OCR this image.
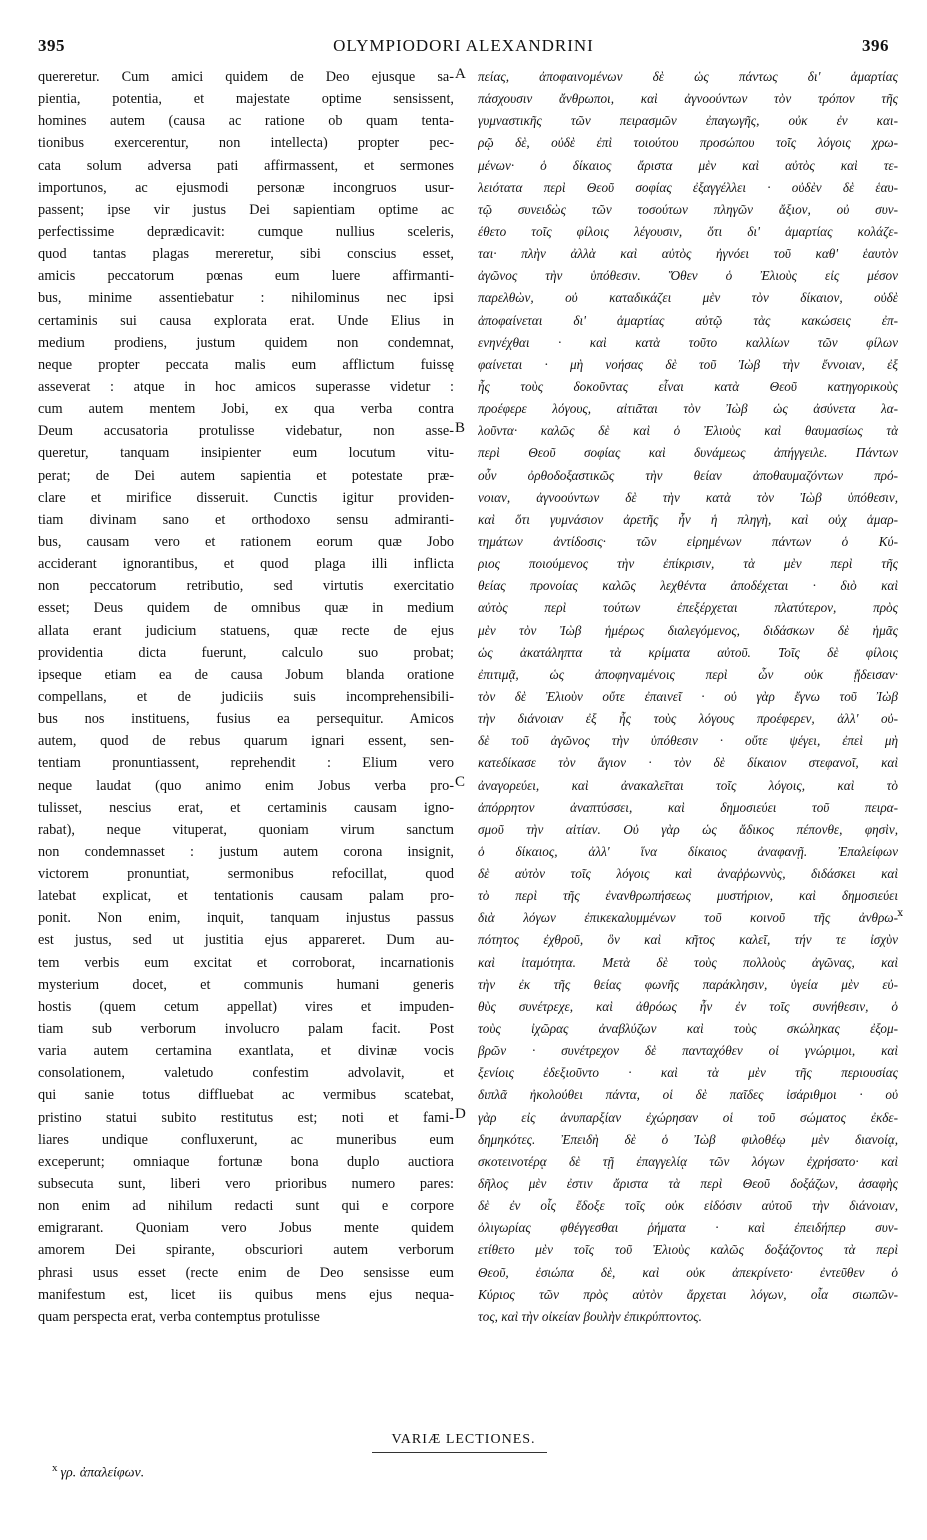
395	OLYMPIODORI ALEXANDRINI	396
quereretur. Cum amici quidem de Deo ejusque sa-
pientia, potentia, et majestate optime sensissent,
homines autem (causa ac ratione ob quam tenta-
tionibus exercerentur, non intellecta) propter pec-
cata solum adversa pati affirmassent, et sermones
importunos, ac ejusmodi personæ incongruos usur-
passent; ipse vir justus Dei sapientiam optime ac
perfectissime deprædicavit: cumque nullius sceleris,
quod tantas plagas mereretur, sibi conscius esset,
amicis peccatorum pœnas eum luere affirmanti-
bus, minime assentiebatur : nihilominus nec ipsi
certaminis sui causa explorata erat. Unde Elius in
medium prodiens, justum quidem non condemnat,
neque propter peccata malis eum afflictum fuissę
asseverat : atque in hoc amicos superasse videtur :
cum autem mentem Jobi, ex qua verba contra
Deum accusatoria protulisse videbatur, non asse-
queretur, tanquam insipienter eum locutum vitu-
perat; de Dei autem sapientia et potestate præ-
clare et mirifice disseruit. Cunctis igitur providen-
tiam divinam sano et orthodoxo sensu admiranti-
bus, causam vero et rationem eorum quæ Jobo
acciderant ignorantibus, et quod plaga illi inflicta
non peccatorum retributio, sed virtutis exercitatio
esset; Deus quidem de omnibus quæ in medium
allata erant judicium statuens, quæ recte de ejus
providentia dicta fuerunt, calculo suo probat;
ipseque etiam ea de causa Jobum blanda oratione
compellans, et de judiciis suis incomprehensibili-
bus nos instituens, fusius ea persequitur. Amicos
autem, quod de rebus quarum ignari essent, sen-
tentiam pronuntiassent, reprehendit : Elium vero
neque laudat (quo animo enim Jobus verba pro-
tulisset, nescius erat, et certaminis causam igno-
rabat), neque vituperat, quoniam virum sanctum
non condemnasset : justum autem corona insignit,
victorem pronuntiat, sermonibus refocillat, quod
latebat explicat, et tentationis causam palam pro-
ponit. Non enim, inquit, tanquam injustus passus
est justus, sed ut justitia ejus appareret. Dum au-
tem verbis eum excitat et corroborat, incarnationis
mysterium docet, et communis humani generis
hostis (quem cetum appellat) vires et impuden-
tiam sub verborum involucro palam facit. Post
varia autem certamina exantlata, et divinæ vocis
consolationem, valetudo confestim advolavit, et
qui sanie totus diffluebat ac vermibus scatebat,
pristino statui subito restitutus est; noti et fami-
liares undique confluxerunt, ac muneribus eum
exceperunt; omniaque fortunæ bona duplo auctiora
subsecuta sunt, liberi vero prioribus numero pares:
non enim ad nihilum redacti sunt qui e corpore
emigrarant. Quoniam vero Jobus mente quidem
amorem Dei spirante, obscuriori autem verborum
phrasi usus esset (recte enim de Deo sensisse eum
manifestum est, licet iis quibus mens ejus nequa-
quam perspecta erat, verba contemptus protulisse
πείας, ἀποφαινομένων δὲ ὡς πάντως δι' ἁμαρτίας
πάσχουσιν ἄνθρωποι, καὶ ἀγνοούντων τὸν τρόπον τῆς
γυμναστικῆς τῶν πειρασμῶν ἐπαγωγῆς, οὐκ ἐν και-
ρῷ δὲ, οὐδὲ ἐπὶ τοιούτου προσώπου τοῖς λόγοις χρω-
μένων· ὁ δίκαιος ἄριστα μὲν καὶ αὐτὸς καὶ τε-
λειότατα περὶ Θεοῦ σοφίας ἐξαγγέλλει · οὐδὲν δὲ ἑαυ-
τῷ συνειδὼς τῶν τοσούτων πληγῶν ἄξιον, οὐ συν-
έθετο τοῖς φίλοις λέγουσιν, ὅτι δι' ἁμαρτίας κολάζε-
ται· πλὴν ἀλλὰ καὶ αὐτὸς ἠγνόει τοῦ καθ' ἑαυτὸν
ἀγῶνος τὴν ὑπόθεσιν. Ὅθεν ὁ Ἐλιοὺς εἰς μέσον
παρελθὼν, οὐ καταδικάζει μὲν τὸν δίκαιον, οὐδὲ
ἀποφαίνεται δι' ἁμαρτίας αὐτῷ τὰς κακώσεις ἐπ-
ενηνέχθαι · καὶ κατὰ τοῦτο καλλίων τῶν φίλων
φαίνεται · μὴ νοήσας δὲ τοῦ Ἰὼβ τὴν ἔννοιαν, ἐξ
ἧς τοὺς δοκοῦντας εἶναι κατὰ Θεοῦ κατηγορικοὺς
προέφερε λόγους, αἰτιᾶται τὸν Ἰὼβ ὡς ἀσύνετα λα-
λοῦντα· καλῶς δὲ καὶ ὁ Ἐλιοὺς καὶ θαυμασίως τὰ
περὶ Θεοῦ σοφίας καὶ δυνάμεως ἀπήγγειλε. Πάντων
οὖν ὀρθοδοξαστικῶς τὴν θείαν ἀποθαυμαζόντων πρό-
νοιαν, ἀγνοούντων δὲ τὴν κατὰ τὸν Ἰὼβ ὑπόθεσιν,
καὶ ὅτι γυμνάσιον ἀρετῆς ἦν ἡ πληγὴ, καὶ οὐχ ἁμαρ-
τημάτων ἀντίδοσις· τῶν εἰρημένων πάντων ὁ Κύ-
ριος ποιούμενος τὴν ἐπίκρισιν, τὰ μὲν περὶ τῆς
θείας προνοίας καλῶς λεχθέντα ἀποδέχεται · διὸ καὶ
αὐτὸς περὶ τούτων ἐπεξέρχεται πλατύτερον, πρὸς
μὲν τὸν Ἰὼβ ἡμέρως διαλεγόμενος, διδάσκων δὲ ἡμᾶς
ὡς ἀκατάληπτα τὰ κρίματα αὐτοῦ. Τοῖς δὲ φίλοις
ἐπιτιμᾷ, ὡς ἀποφηναμένοις περὶ ὧν οὐκ ᾔδεισαν·
τὸν δὲ Ἐλιοὺν οὔτε ἐπαινεῖ · οὐ γὰρ ἔγνω τοῦ Ἰὼβ
τὴν διάνοιαν ἐξ ἧς τοὺς λόγους προέφερεν, ἀλλ' οὐ-
δὲ τοῦ ἀγῶνος τὴν ὑπόθεσιν · οὔτε ψέγει, ἐπεὶ μὴ
κατεδίκασε τὸν ἅγιον · τὸν δὲ δίκαιον στεφανοῖ, καὶ
ἀναγορεύει, καὶ ἀνακαλεῖται τοῖς λόγοις, καὶ τὸ
ἀπόρρητον ἀναπτύσσει, καὶ δημοσιεύει τοῦ πειρα-
σμοῦ τὴν αἰτίαν. Οὐ γὰρ ὡς ἄδικος πέπονθε, φησὶν,
ὁ δίκαιος, ἀλλ' ἵνα δίκαιος ἀναφανῇ. Ἐπαλείφων
δὲ αὐτὸν τοῖς λόγοις καὶ ἀναῤῥωννὺς, διδάσκει καὶ
τὸ περὶ τῆς ἐνανθρωπήσεως μυστήριον, καὶ δημοσιεύει
διὰ λόγων ἐπικεκαλυμμένων τοῦ κοινοῦ τῆς ἀνθρω-
πότητος ἐχθροῦ, ὃν καὶ κῆτος καλεῖ, τήν τε ἰσχὺν
καὶ ἰταμότητα. Μετὰ δὲ τοὺς πολλοὺς ἀγῶνας, καὶ
τὴν ἐκ τῆς θείας φωνῆς παράκλησιν, ὑγεία μὲν εὐ-
θὺς συνέτρεχε, καὶ ἀθρόως ἦν ἐν τοῖς συνήθεσιν, ὁ
τοὺς ἰχῶρας ἀναβλύζων καὶ τοὺς σκώληκας ἐξομ-
βρῶν · συνέτρεχον δὲ πανταχόθεν οἱ γνώριμοι, καὶ
ξενίοις ἐδεξιοῦντο · καὶ τὰ μὲν τῆς περιουσίας
διπλᾶ ἠκολούθει πάντα, οἱ δὲ παῖδες ἰσάριθμοι · οὐ
γὰρ εἰς ἀνυπαρξίαν ἐχώρησαν οἱ τοῦ σώματος ἐκδε-
δημηκότες. Ἐπειδὴ δὲ ὁ Ἰὼβ φιλοθέῳ μὲν διανοίᾳ,
σκοτεινοτέρᾳ δὲ τῇ ἐπαγγελίᾳ τῶν λόγων ἐχρήσατο· καὶ
δῆλος μὲν ἐστιν ἄριστα τὰ περὶ Θεοῦ δοξάζων, ἀσαφὴς
δὲ ἐν οἷς ἔδοξε τοῖς οὐκ εἰδόσιν αὐτοῦ τὴν διάνοιαν,
ὀλιγωρίας φθέγγεσθαι ῥήματα · καὶ ἐπειδήπερ συν-
ετίθετο μὲν τοῖς τοῦ Ἐλιοὺς καλῶς δοξάζοντος τὰ περὶ
Θεοῦ, ἐσιώπα δὲ, καὶ οὐκ ἀπεκρίνετο· ἐντεῦθεν ὁ
Κύριος τῶν πρὸς αὐτὸν ἄρχεται λόγων, οἷα σιωπῶν-
τος, καὶ τὴν οἰκείαν βουλὴν ἐπικρύπτοντος.
A
B
C
D
x
VARIÆ LECTIONES.
$^x$ γρ. ἀπαλείφων.
